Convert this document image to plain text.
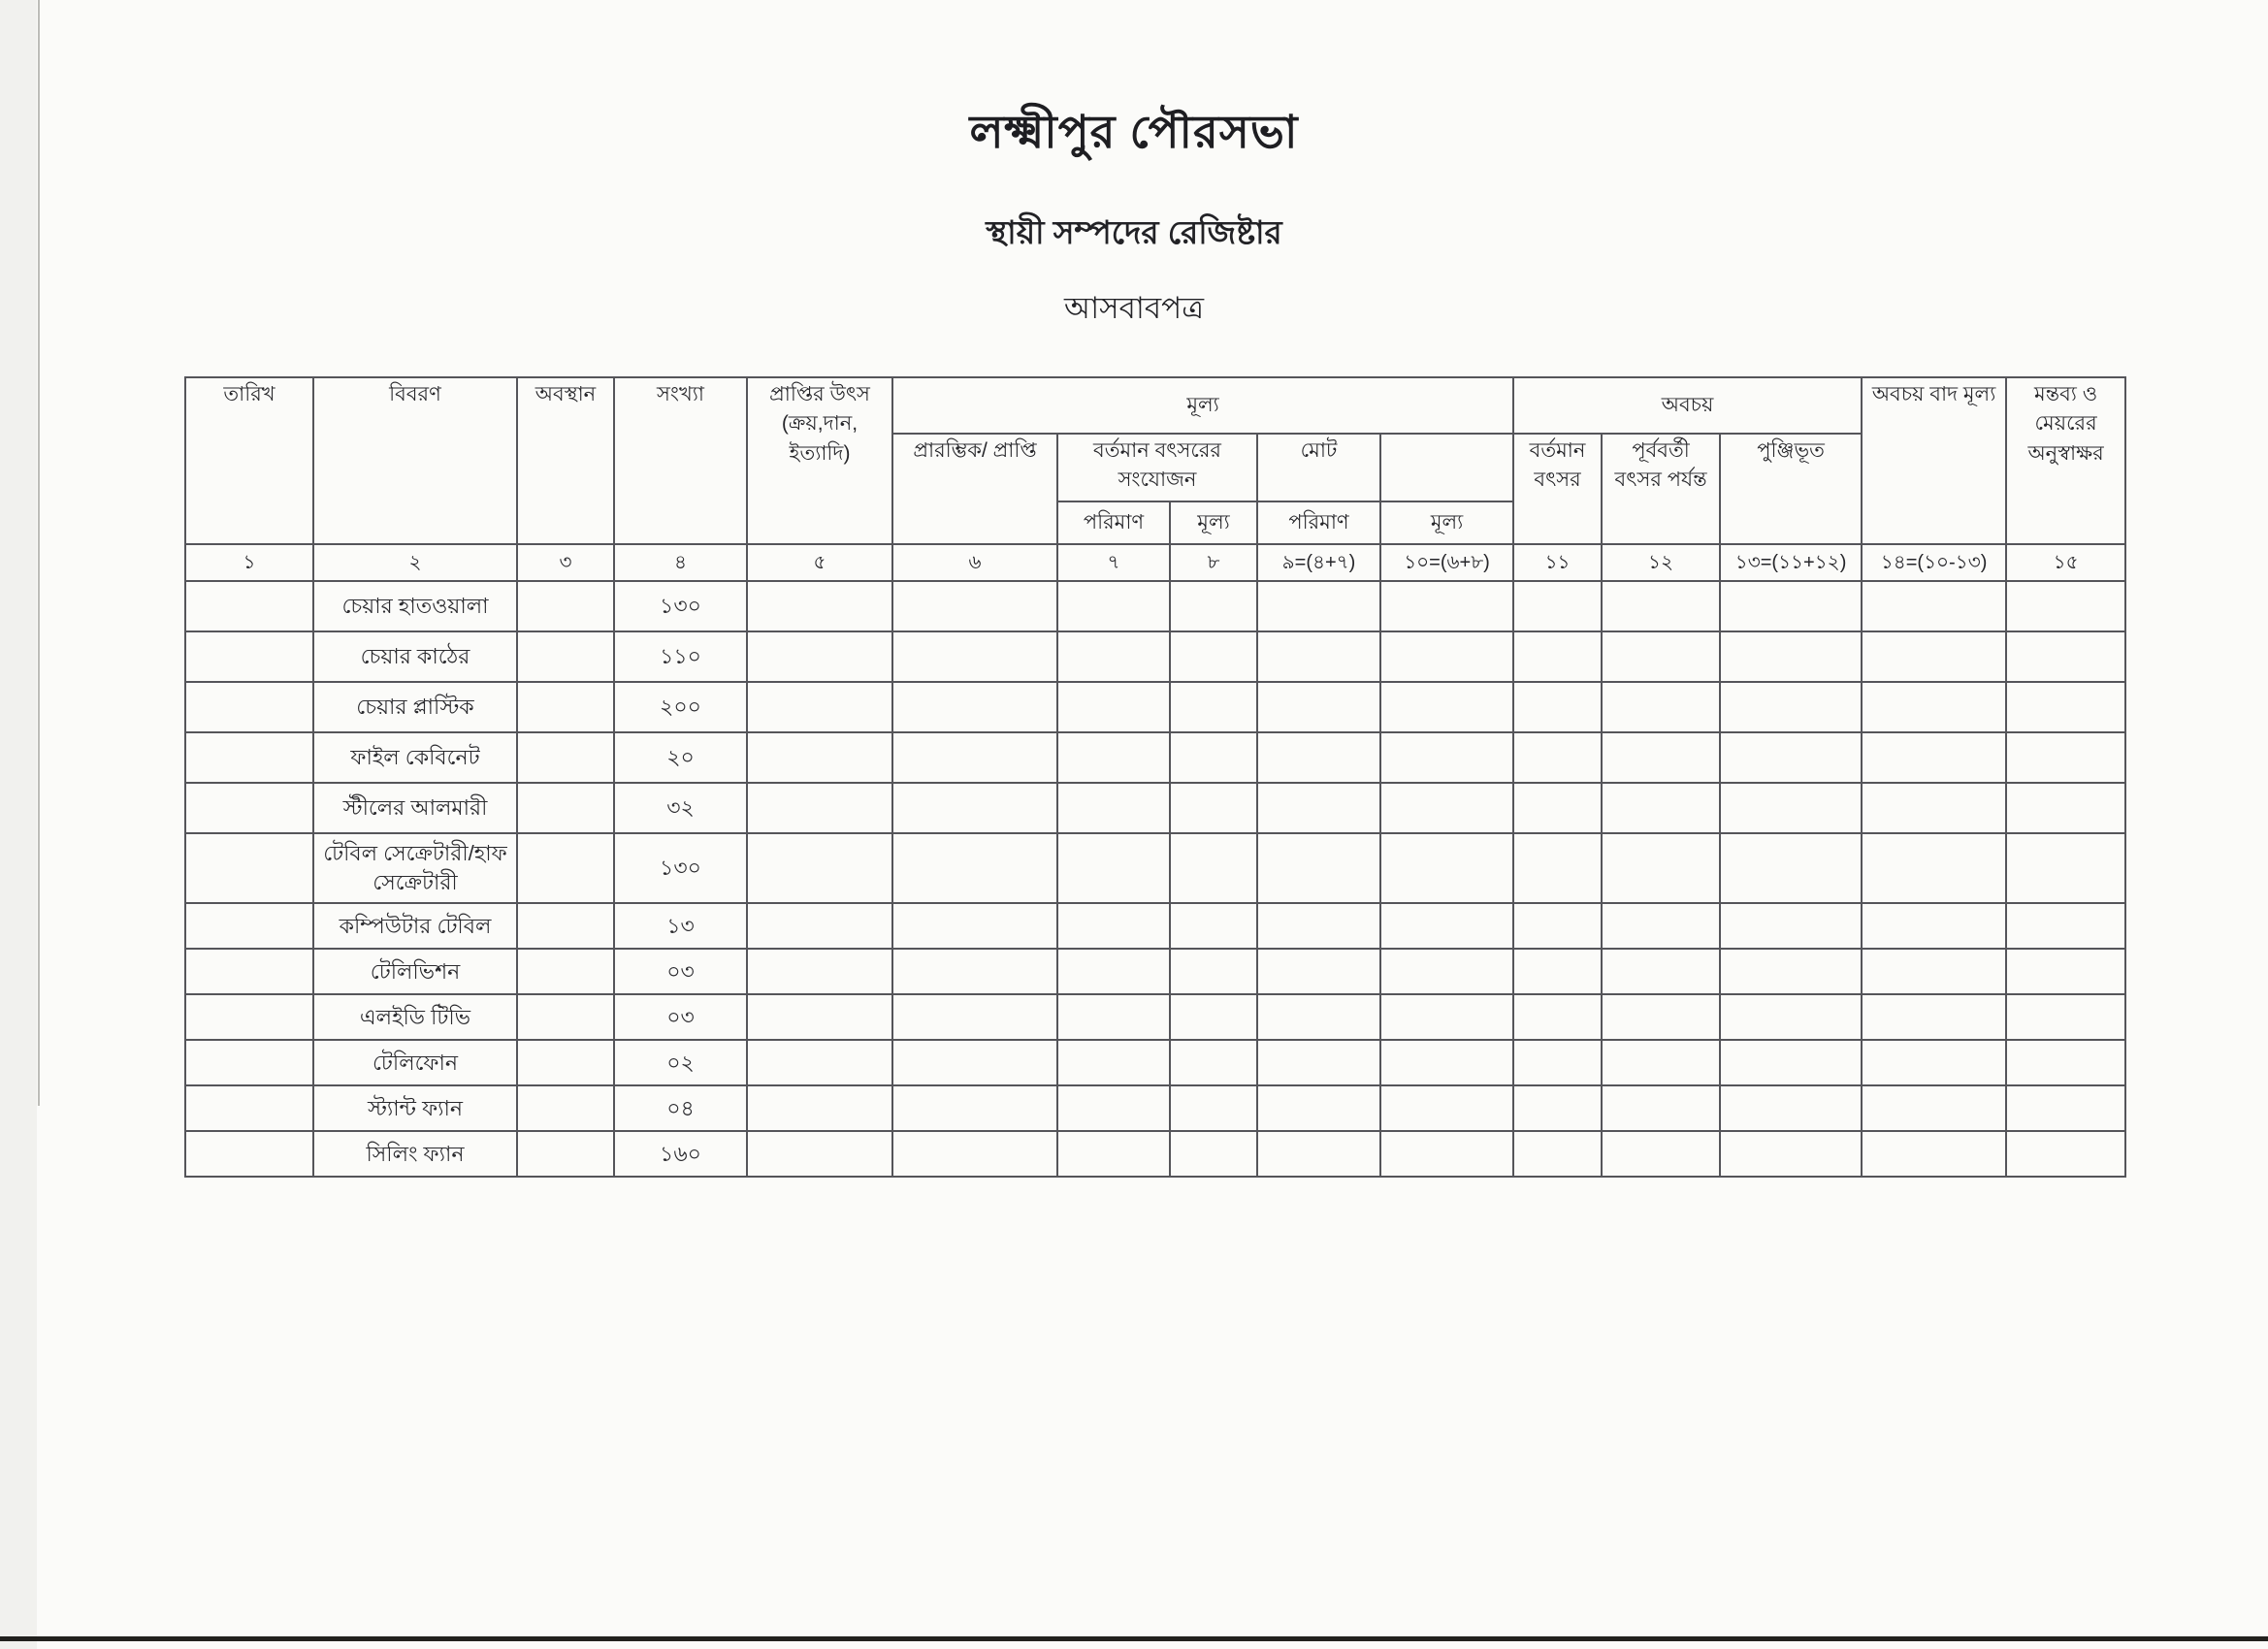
লক্ষ্মীপুর পৌরসভা
স্থায়ী সম্পদের রেজিষ্টার
আসবাবপত্র
তারিখ	বিবরণ	অবস্থান	সংখ্যা	প্রাপ্তির উৎস (ক্রয়,দান, ইত্যাদি)	মূল্য					অবচয়			অবচয় বাদ মূল্য	মন্তব্য ও মেয়রের অনুস্বাক্ষর
					প্রারম্ভিক/ প্রাপ্তি	বর্তমান বৎসরের সংযোজন		মোট		বর্তমান বৎসর	পূর্ববর্তী বৎসর পর্যন্ত	পুঞ্জিভূত		
						পরিমাণ	মূল্য	পরিমাণ	মূল্য					
১	২	৩	৪	৫	৬	৭	৮	৯=(৪+৭)	১০=(৬+৮)	১১	১২	১৩=(১১+১২)	১৪=(১০-১৩)	১৫
	চেয়ার হাতওয়ালা		১৩০											
	চেয়ার কাঠের		১১০											
	চেয়ার প্লাস্টিক		২০০											
	ফাইল কেবিনেট		২০											
	স্টীলের আলমারী		৩২											
	টেবিল সেক্রেটারী/হাফ সেক্রেটারী		১৩০											
	কম্পিউটার টেবিল		১৩											
	টেলিভিশন		০৩											
	এলইডি টিভি		০৩											
	টেলিফোন		০২											
	স্ট্যান্ট ফ্যান		০৪											
	সিলিং ফ্যান		১৬০											
